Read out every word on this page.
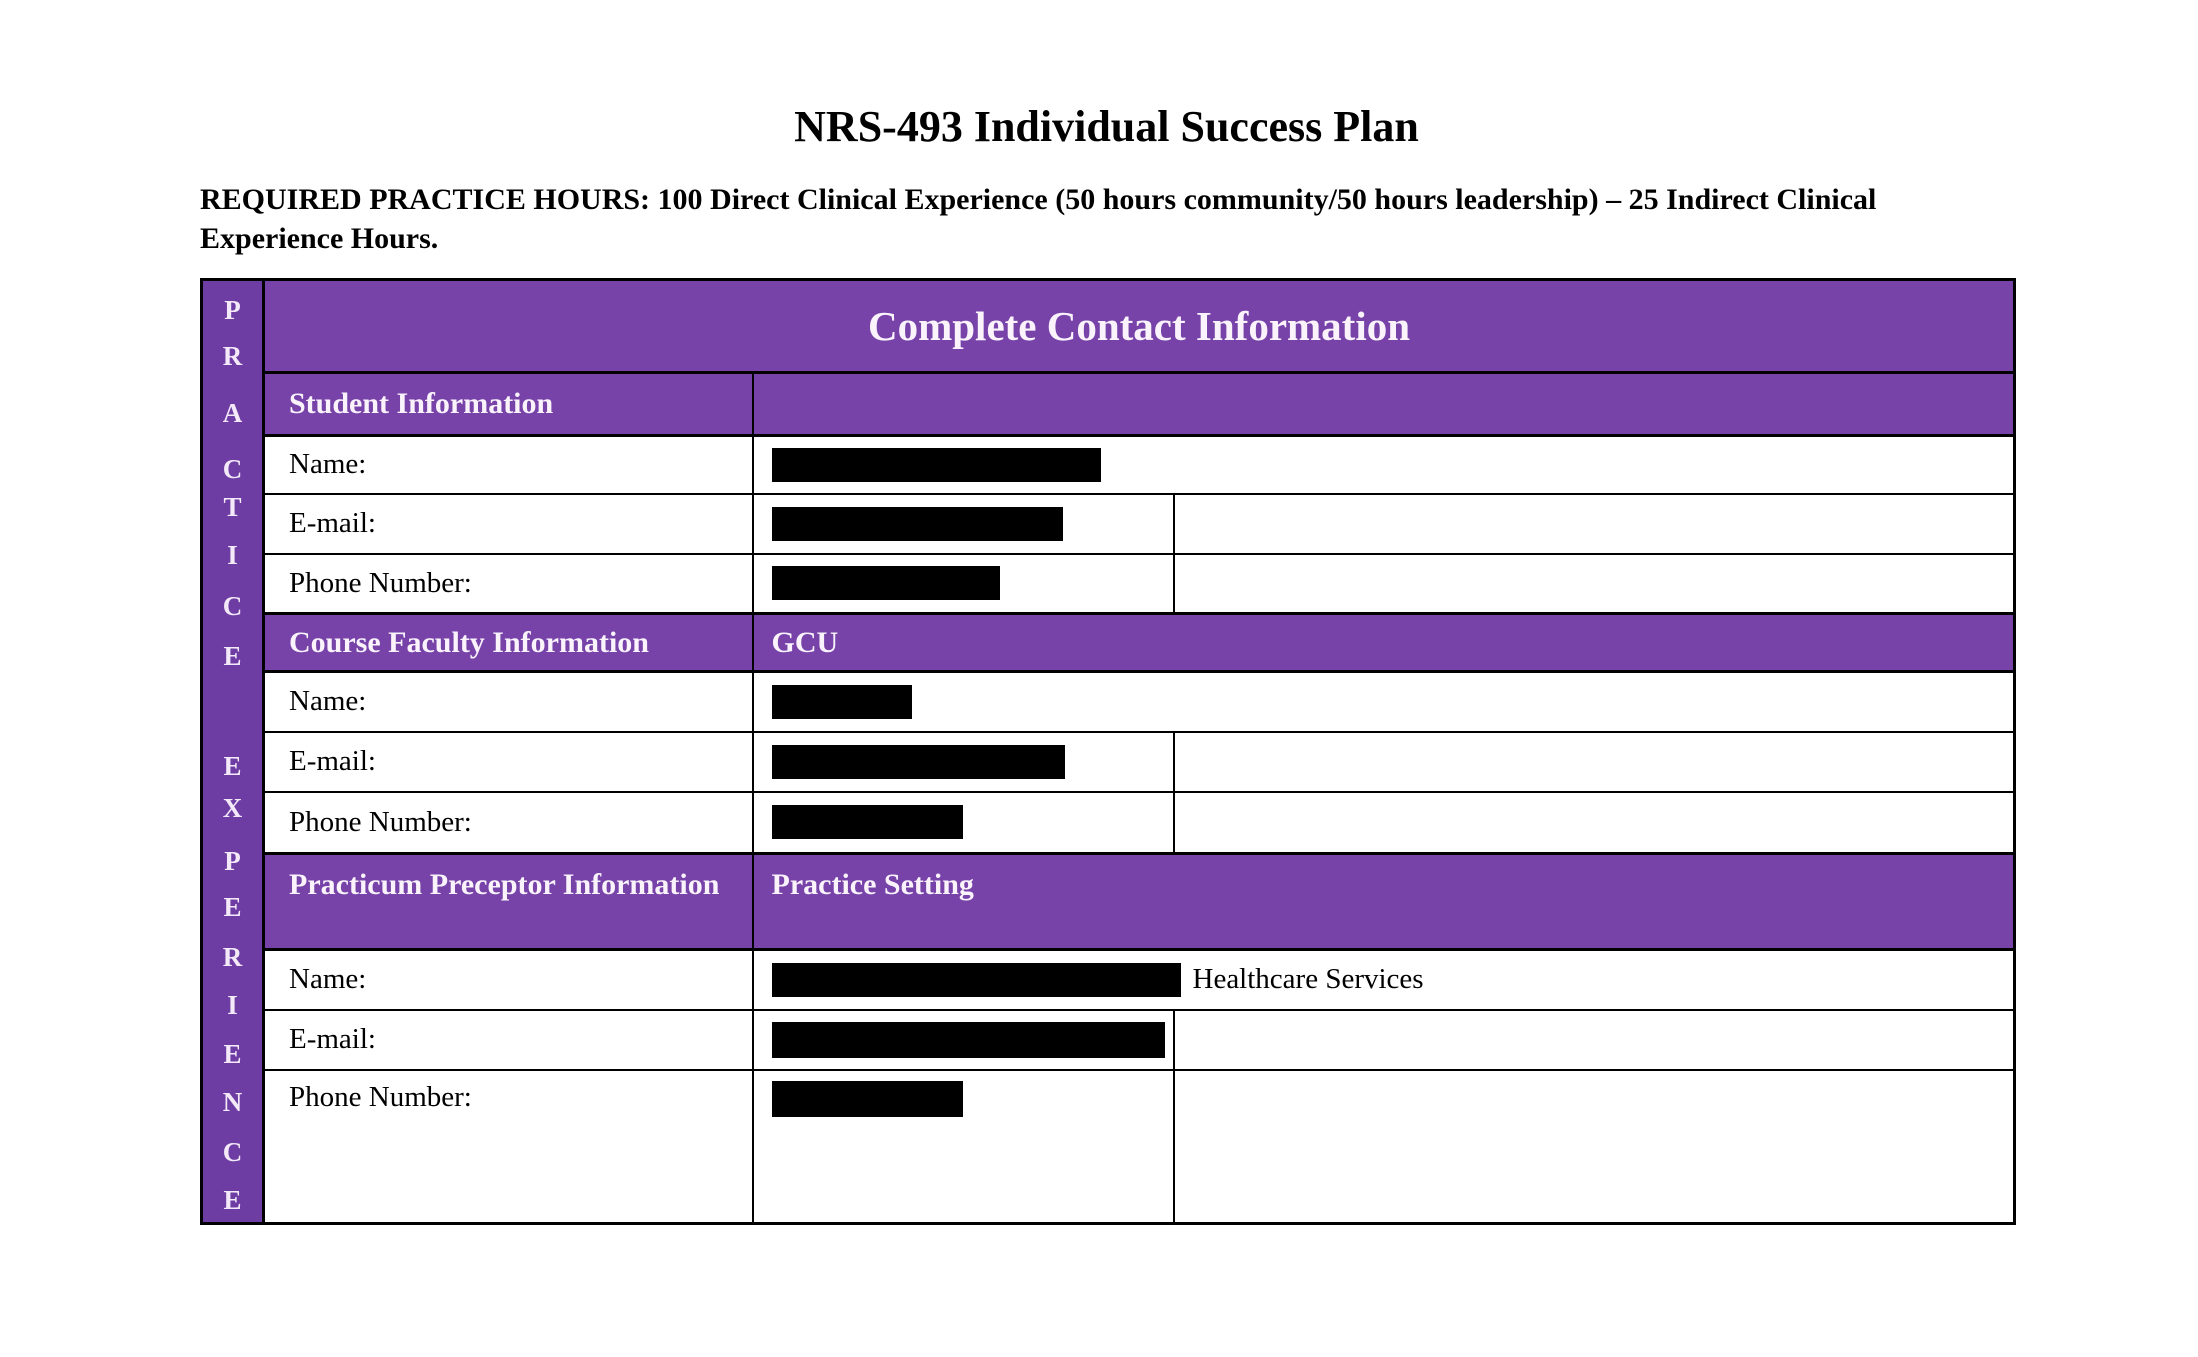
NRS-493 Individual Success Plan
REQUIRED PRACTICE HOURS: 100 Direct Clinical Experience (50 hours community/50 hours leadership) – 25 Indirect Clinical Experience Hours.
P
R
A
C
T
I
C
E
E
X
P
E
R
I
E
N
C
E
	Complete Contact Information
	Student Information		
	Name:		

	E-mail:	

	Phone Number:	

	Course Faculty Information	GCU	
	Name:		

	E-mail:	

	Phone Number:	

	Practicum Preceptor Information	Practice Setting	
	Name:	Healthcare Services	

	E-mail:	

	Phone Number:	
